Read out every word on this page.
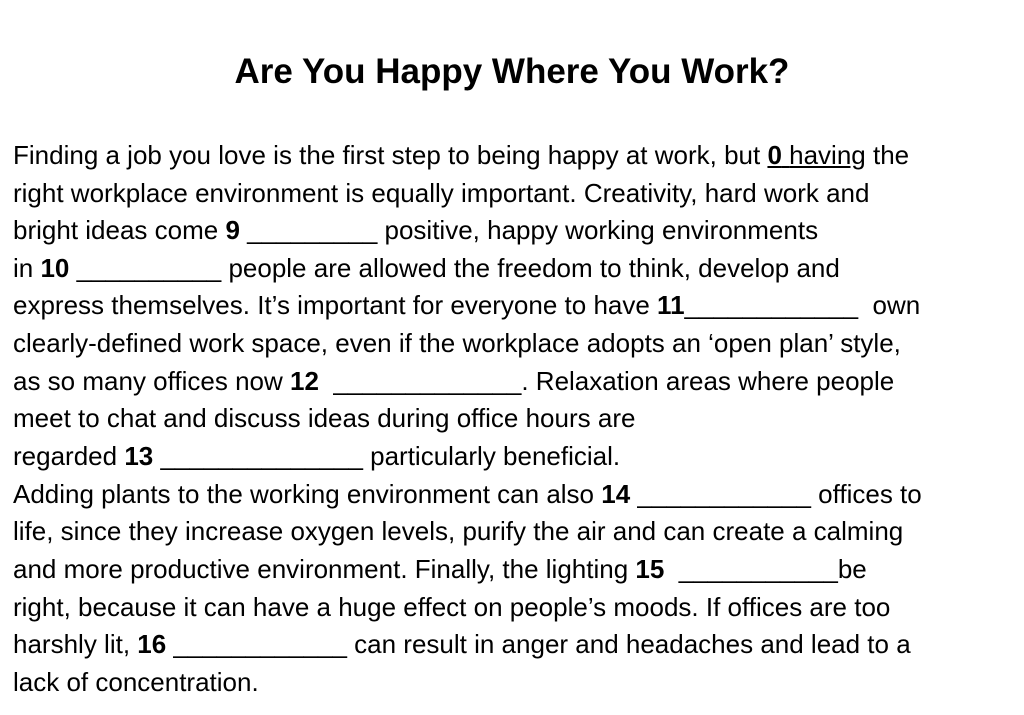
Are You Happy Where You Work?
Finding a job you love is the first step to being happy at work, but 0 having the
right workplace environment is equally important. Creativity, hard work and
bright ideas come 9 _________ positive, happy working environments
in 10 __________ people are allowed the freedom to think, develop and
express themselves. It’s important for everyone to have 11____________  own
clearly-defined work space, even if the workplace adopts an ‘open plan’ style,
as so many offices now 12  _____________. Relaxation areas where people
meet to chat and discuss ideas during office hours are
regarded 13 ______________ particularly beneficial.
Adding plants to the working environment can also 14 ____________ offices to
life, since they increase oxygen levels, purify the air and can create a calming
and more productive environment. Finally, the lighting 15  ___________be
right, because it can have a huge effect on people’s moods. If offices are too
harshly lit, 16 ____________ can result in anger and headaches and lead to a
lack of concentration.
